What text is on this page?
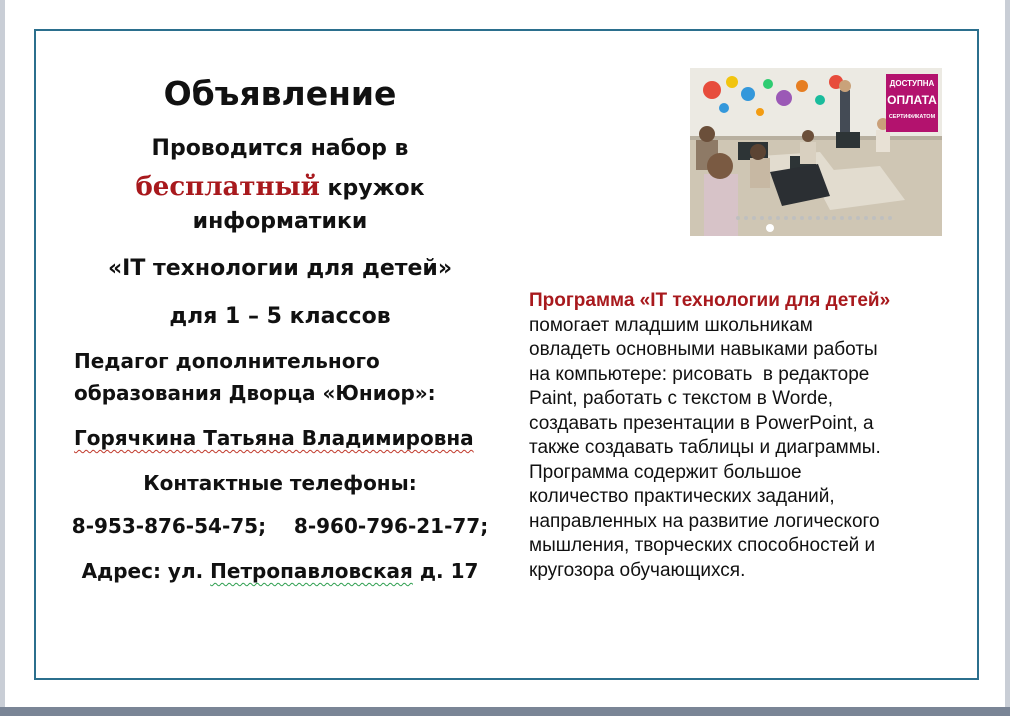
Объявление
Проводится набор в
бесплатный кружок
информатики
«IT технологии для детей»
для 1 – 5 классов
Педагог дополнительного
образования Дворца «Юниор»:
Горячкина Татьяна Владимировна
Контактные телефоны:
8-953-876-54-75;    8-960-796-21-77;
Адрес: ул. Петропавловская д. 17
ДОСТУПНА
ОПЛАТА
СЕРТИФИКАТОМ
Программа «IT технологии для детей»
помогает младшим школьникам
овладеть основными навыками работы
на компьютере: рисовать  в редакторе
Paint, работать с текстом в Worde,
создавать презентации в PowerPoint, а
также создавать таблицы и диаграммы.
Программа содержит большое
количество практических заданий,
направленных на развитие логического
мышления, творческих способностей и
кругозора обучающихся.
